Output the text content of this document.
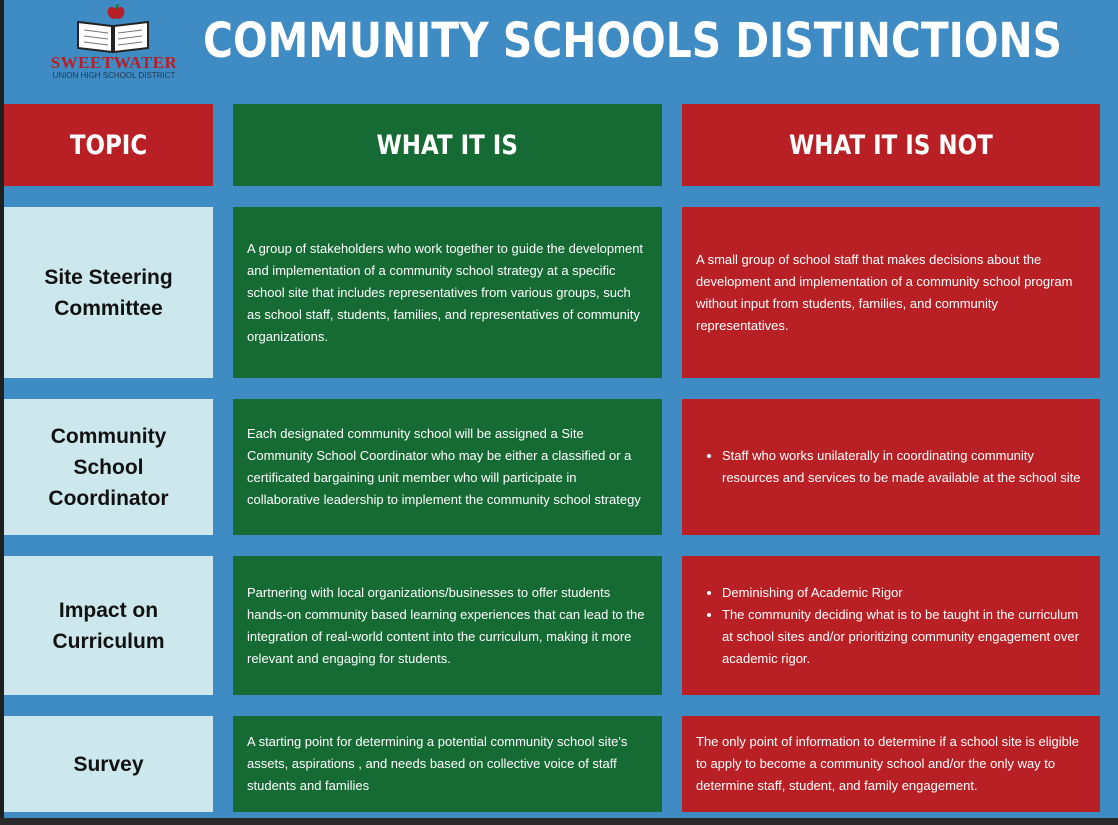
SWEETWATER
UNION HIGH SCHOOL DISTRICT
COMMUNITY SCHOOLS DISTINCTIONS
TOPIC	WHAT IT IS	WHAT IT IS NOT
Site Steering Committee

A group of stakeholders who work together to guide the development and implementation of a community school strategy at a specific school site that includes representatives from various groups, such as school staff, students, families, and representatives of community organizations.

A small group of school staff that makes decisions about the development and implementation of a community school program without input from students, families, and community representatives.

Community School Coordinator

Each designated community school will be assigned a Site Community School Coordinator who may be either a classified or a certificated bargaining unit member who will participate in collaborative leadership to implement the community school strategy

• Staff who works unilaterally in coordinating community resources and services to be made available at the school site
Impact on Curriculum

Partnering with local organizations/businesses to offer students hands-on community based learning experiences that can lead to the integration of real-world content into the curriculum, making it more relevant and engaging for students.

• Deminishing of Academic Rigor
• The community deciding what is to be taught in the curriculum at school sites and/or prioritizing community engagement over academic rigor.
Survey

A starting point for determining a potential community school site's assets, aspirations , and needs based on collective voice of staff students and families

The only point of information to determine if a school site is eligible to apply to become a community school and/or the only way to determine staff, student, and family engagement.
